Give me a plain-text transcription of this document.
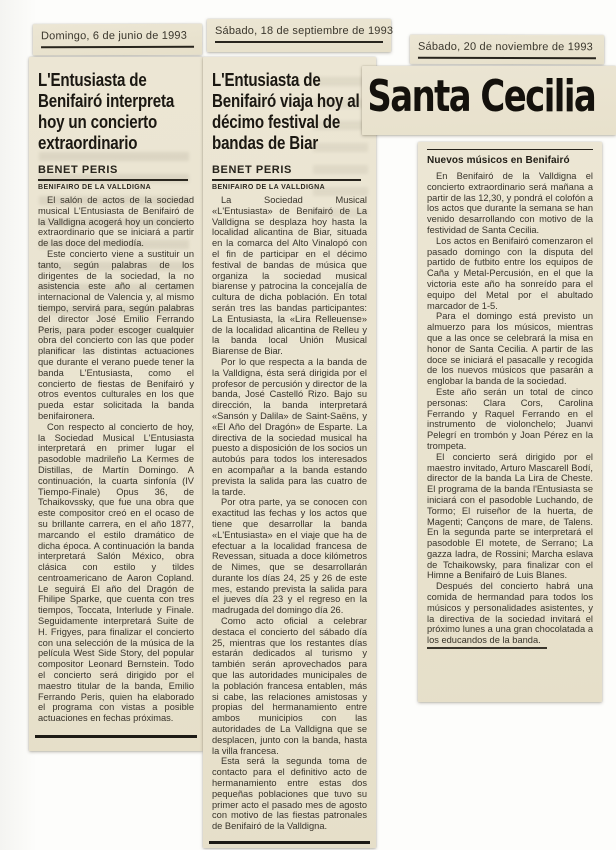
Domingo, 6 de junio de 1993
L'Entusiasta de Benifairó interpreta hoy un concierto extraordinario
BENET PERIS
BENIFAIRO DE LA VALLDIGNA

El salón de actos de la sociedad musical L'Entusiasta de Benifairó de la Valldigna acogerá hoy un concierto extraordinario que se iniciará a partir de las doce del mediodía.

Este concierto viene a sustituir un tanto, según palabras de los dirigentes de la sociedad, la no asistencia este año al certamen internacional de Valencia y, al mismo tiempo, servirá para, según palabras del director José Emilio Ferrando Peris, para poder escoger cualquier obra del concierto con las que poder planificar las distintas actuaciones que durante el verano puede tener la banda L'Entusiasta, como el concierto de fiestas de Benifairó y otros eventos culturales en los que pueda estar solicitada la banda benifaironera.

Con respecto al concierto de hoy, la Sociedad Musical L'Entusiasta interpretará en primer lugar el pasodoble madrileño La Kermes de Distillas, de Martín Domingo. A continuación, la cuarta sinfonía (IV Tiempo-Finale) Opus 36, de Tchaikovssky, que fue una obra que este compositor creó en el ocaso de su brillante carrera, en el año 1877, marcando el estilo dramático de dicha época. A continuación la banda interpretará Salón México, obra clásica con estilo y tildes centroamericano de Aaron Copland. Le seguirá El año del Dragón de Fhilipe Sparke, que cuenta con tres tiempos, Toccata, Interlude y Finale. Seguidamente interpretará Suite de H. Frigyes, para finalizar el concierto con una selección de la música de la película West Side Story, del popular compositor Leonard Bernstein. Todo el concierto será dirigido por el maestro titular de la banda, Emilio Ferrando Peris, quien ha elaborado el programa con vistas a posible actuaciones en fechas próximas.

Sábado, 18 de septiembre de 1993
L'Entusiasta de Benifairó viaja hoy al décimo festival de bandas de Biar
BENET PERIS
BENIFAIRO DE LA VALLDIGNA

La Sociedad Musical «L'Entusiasta» de Benifairó de La Valldigna se desplaza hoy hasta la localidad alicantina de Biar, situada en la comarca del Alto Vinalopó con el fin de participar en el décimo festival de bandas de música que organiza la sociedad musical biarense y patrocina la concejalía de cultura de dicha población. En total serán tres las bandas participantes: La Entusiasta, la «Lira Relleuense» de la localidad alicantina de Relleu y la banda local Unión Musical Biarense de Biar.

Por lo que respecta a la banda de la Valldigna, ésta será dirigida por el profesor de percusión y director de la banda, José Castelló Rizo. Bajo su dirección, la banda interpretará «Sansón y Dalila» de Saint-Saëns, y «El Año del Dragón» de Esparte. La directiva de la sociedad musical ha puesto a disposición de los socios un autobús para todos los interesados en acompañar a la banda estando prevista la salida para las cuatro de la tarde.

Por otra parte, ya se conocen con exactitud las fechas y los actos que tiene que desarrollar la banda «L'Entusiasta» en el viaje que ha de efectuar a la localidad francesa de Revessan, situada a doce kilómetros de Nimes, que se desarrollarán durante los días 24, 25 y 26 de este mes, estando prevista la salida para el jueves día 23 y el regreso en la madrugada del domingo día 26.

Como acto oficial a celebrar destaca el concierto del sábado día 25, mientras que los restantes días estarán dedicados al turismo y también serán aprovechados para que las autoridades municipales de la población francesa entablen, más si cabe, las relaciones amistosas y propias del hermanamiento entre ambos municipios con las autoridades de La Valldigna que se desplacen, junto con la banda, hasta la villa francesa.

Esta será la segunda toma de contacto para el definitivo acto de hermanamiento entre estas dos pequeñas poblaciones que tuvo su primer acto el pasado mes de agosto con motivo de las fiestas patronales de Benifairó de la Valldigna.

Sábado, 20 de noviembre de 1993
Santa Cecilia
Nuevos músicos en Benifairó

En Benifairó de la Valldigna el concierto extraordinario será mañana a partir de las 12,30, y pondrá el colofón a los actos que durante la semana se han venido desarrollando con motivo de la festividad de Santa Cecilia.

Los actos en Benifairó comenzaron el pasado domingo con la disputa del partido de futbito entre los equipos de Caña y Metal-Percusión, en el que la victoria este año ha sonreído para el equipo del Metal por el abultado marcador de 1-5.

Para el domingo está previsto un almuerzo para los músicos, mientras que a las once se celebrará la misa en honor de Santa Cecilia. A partir de las doce se iniciará el pasacalle y recogida de los nuevos músicos que pasarán a englobar la banda de la sociedad.

Este año serán un total de cinco personas: Clara Cors, Carolina Ferrando y Raquel Ferrando en el instrumento de violonchelo; Juanvi Pelegrí en trombón y Joan Pérez en la trompeta.

El concierto será dirigido por el maestro invitado, Arturo Mascarell Bodí, director de la banda La Lira de Cheste. El programa de la banda l'Entusiasta se iniciará con el pasodoble Luchando, de Tormo; El ruiseñor de la huerta, de Magenti; Cançons de mare, de Talens. En la segunda parte se interpretará el pasodoble El motete, de Serrano; La gazza ladra, de Rossini; Marcha eslava de Tchaikowsky, para finalizar con el Himne a Benifairó de Luis Blanes.

Después del concierto habrá una comida de hermandad para todos los músicos y personalidades asistentes, y la directiva de la sociedad invitará el próximo lunes a una gran chocolatada a los educandos de la banda.
